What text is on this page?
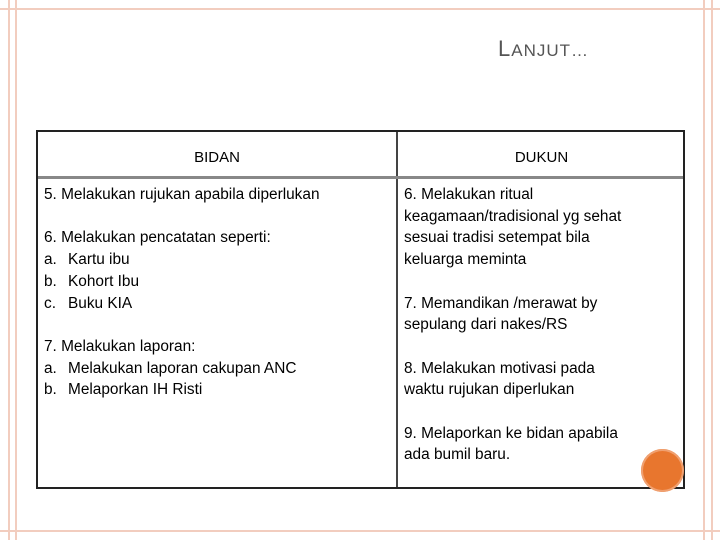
LANJUT…
BIDAN	DUKUN
5. Melakukan rujukan apabila diperlukan
6. Melakukan pencatatan seperti:
a. Kartu ibu
b. Kohort Ibu
c. Buku KIA
7. Melakukan laporan:
a. Melakukan laporan cakupan ANC
b. Melaporkan IH Risti
6. Melakukan ritual
keagamaan/tradisional yg sehat
sesuai tradisi setempat bila
keluarga meminta
7. Memandikan /merawat by
sepulang dari nakes/RS
8. Melakukan motivasi pada
waktu rujukan diperlukan
9. Melaporkan ke bidan apabila
ada bumil baru.
